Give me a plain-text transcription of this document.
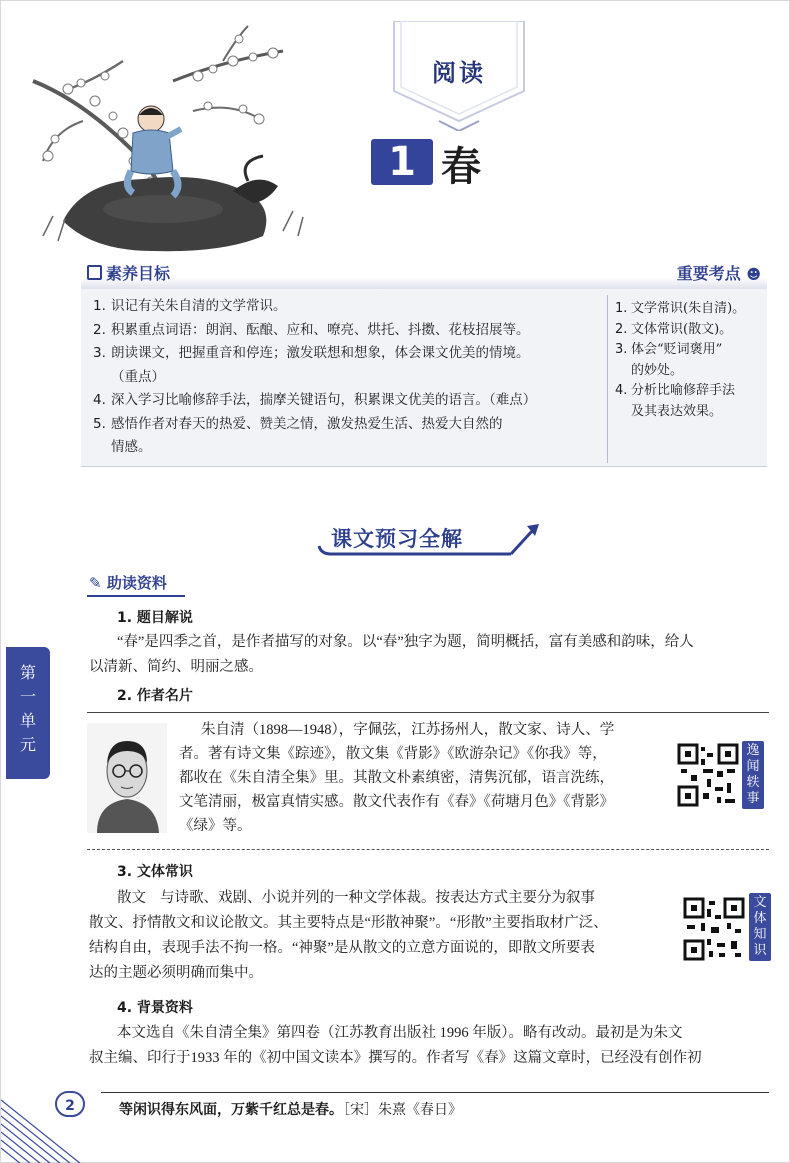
阅读
1 春
素养目标	重要考点 ☻
1. 识记有关朱自清的文学常识。
2. 积累重点词语：朗润、酝酿、应和、嘹亮、烘托、抖擞、花枝招展等。
3. 朗读课文，把握重音和停连；激发联想和想象，体会课文优美的情境。
（重点）
4. 深入学习比喻修辞手法，揣摩关键语句，积累课文优美的语言。（难点）
5. 感悟作者对春天的热爱、赞美之情，激发热爱生活、热爱大自然的
情感。
1. 文学常识(朱自清)。
2. 文体常识(散文)。
3. 体会“贬词褒用”
的妙处。
4. 分析比喻修辞手法
及其表达效果。
课文预习全解
✎ 助读资料
1. 题目解说
“春”是四季之首，是作者描写的对象。以“春”独字为题，简明概括，富有美感和韵味，给人
以清新、简约、明丽之感。
2. 作者名片
朱自清（1898—1948），字佩弦，江苏扬州人，散文家、诗人、学
者。著有诗文集《踪迹》，散文集《背影》《欧游杂记》《你我》等，
都收在《朱自清全集》里。其散文朴素缜密，清隽沉郁，语言洗练，
文笔清丽，极富真情实感。散文代表作有《春》《荷塘月色》《背影》
《绿》等。
逸
闻
轶
事
3. 文体常识
散文 与诗歌、戏剧、小说并列的一种文学体裁。按表达方式主要分为叙事
散文、抒情散文和议论散文。其主要特点是“形散神聚”。“形散”主要指取材广泛、
结构自由，表现手法不拘一格。“神聚”是从散文的立意方面说的，即散文所要表
达的主题必须明确而集中。
文
体
知
识
4. 背景资料
本文选自《朱自清全集》第四卷（江苏教育出版社 1996 年版）。略有改动。最初是为朱文
叔主编、印行于1933 年的《初中国文读本》撰写的。作者写《春》这篇文章时，已经没有创作初
第
一
单
元
2	等闲识得东风面，万紫千红总是春。［宋］朱熹《春日》
